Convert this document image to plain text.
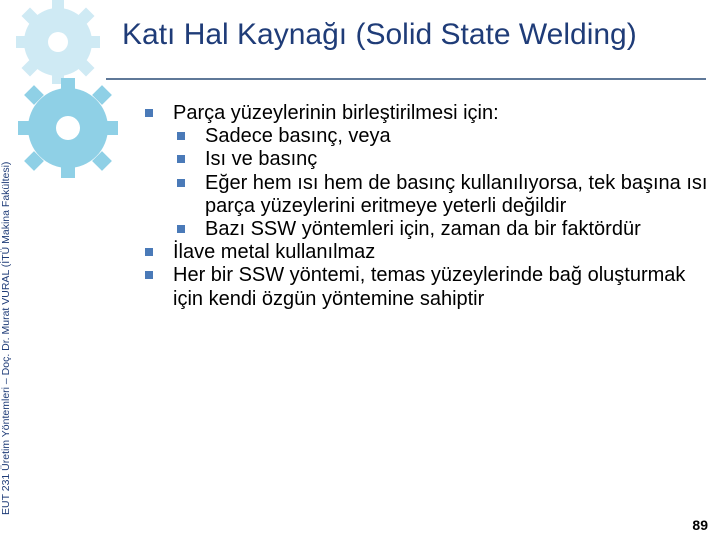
Katı Hal Kaynağı (Solid State Welding)
EUT 231 Üretim Yöntemleri – Doç. Dr. Murat VURAL (İTÜ Makina Fakültesi)

Parça yüzeylerinin birleştirilmesi için:

Sadece basınç, veya

Isı ve basınç

Eğer hem ısı hem de basınç kullanılıyorsa, tek başına ısı parça yüzeylerini eritmeye yeterli değildir

Bazı SSW yöntemleri için, zaman da bir faktördür

İlave metal kullanılmaz

Her bir SSW yöntemi, temas yüzeylerinde bağ oluşturmak için kendi özgün yöntemine sahiptir

89
